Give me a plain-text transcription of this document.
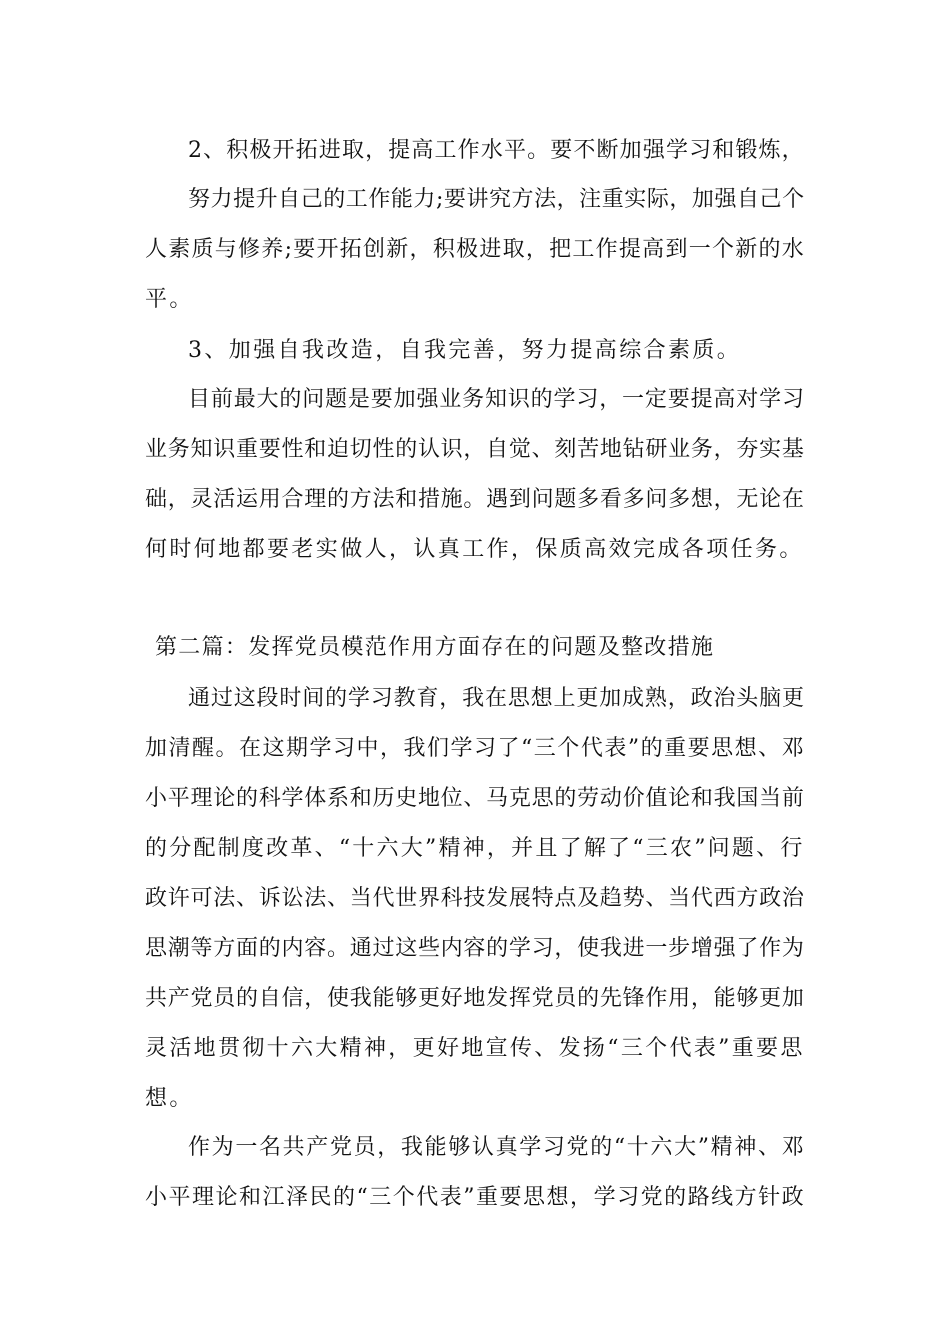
2、积极开拓进取，提高工作水平。要不断加强学习和锻炼，
努力提升自己的工作能力;要讲究方法，注重实际，加强自己个
人素质与修养;要开拓创新，积极进取，把工作提高到一个新的水
平。
3、加强自我改造，自我完善，努力提高综合素质。
目前最大的问题是要加强业务知识的学习，一定要提高对学习
业务知识重要性和迫切性的认识，自觉、刻苦地钻研业务，夯实基
础，灵活运用合理的方法和措施。遇到问题多看多问多想，无论在
何时何地都要老实做人，认真工作，保质高效完成各项任务。
第二篇：发挥党员模范作用方面存在的问题及整改措施
通过这段时间的学习教育，我在思想上更加成熟，政治头脑更
加清醒。在这期学习中，我们学习了“三个代表”的重要思想、邓
小平理论的科学体系和历史地位、马克思的劳动价值论和我国当前
的分配制度改革、“十六大”精神，并且了解了“三农”问题、行
政许可法、诉讼法、当代世界科技发展特点及趋势、当代西方政治
思潮等方面的内容。通过这些内容的学习，使我进一步增强了作为
共产党员的自信，使我能够更好地发挥党员的先锋作用，能够更加
灵活地贯彻十六大精神，更好地宣传、发扬“三个代表”重要思
想。
作为一名共产党员，我能够认真学习党的“十六大”精神、邓
小平理论和江泽民的“三个代表”重要思想，学习党的路线方针政
